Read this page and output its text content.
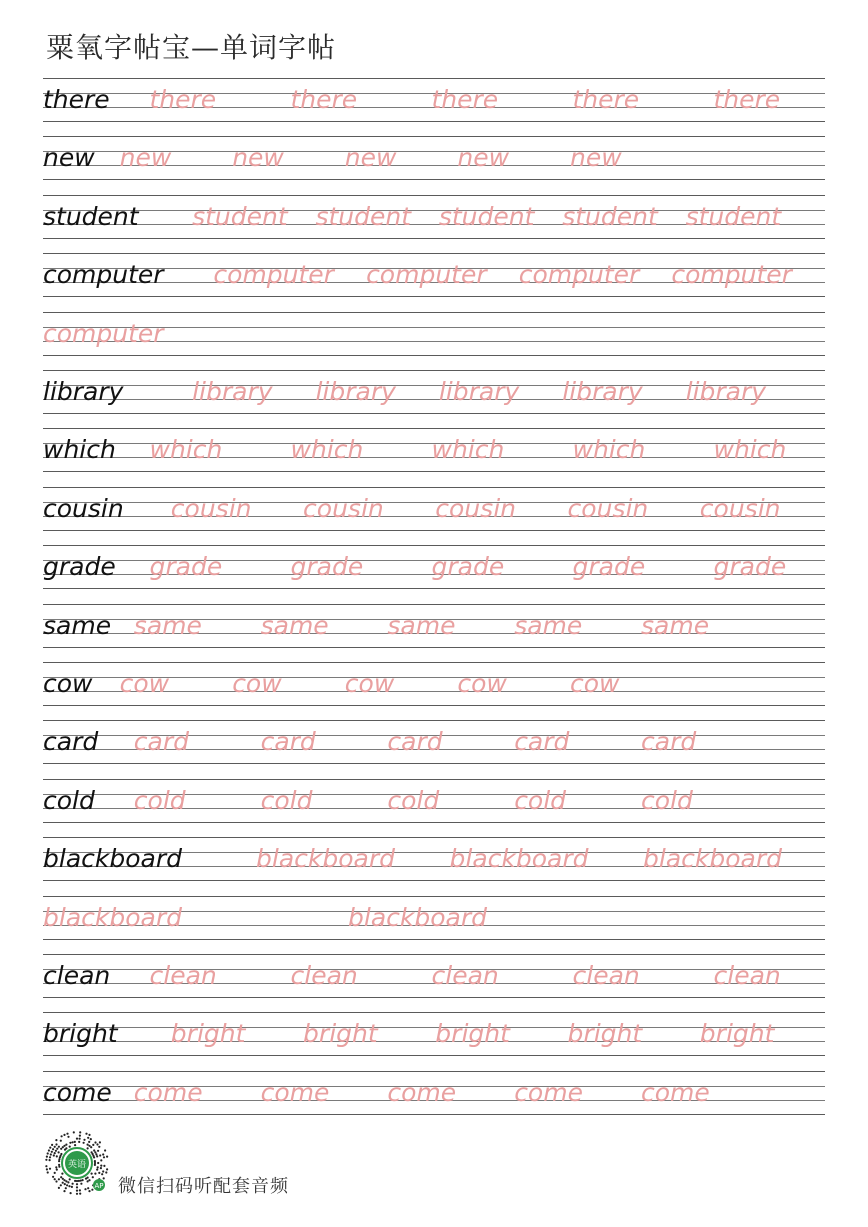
粟氧字帖宝—单词字帖
there there	there	there	there	there
new new new new new new
student student student student student student
computer computer computer computer computer
computer
library	library library library library library
which which	which	which	which	which
cousin cousin cousin cousin cousin cousin
grade grade	grade	grade	grade	grade
same same same same same same
cow cow	cow	cow	cow	cow
card card	card	card	card	card
cold cold	cold	cold	cold	cold
blackboard	blackboard blackboard blackboard
blackboard	blackboard
clean clean	clean	clean	clean	clean
bright bright bright bright bright bright
come come come come come come
英语
AP 微信扫码听配套音频
